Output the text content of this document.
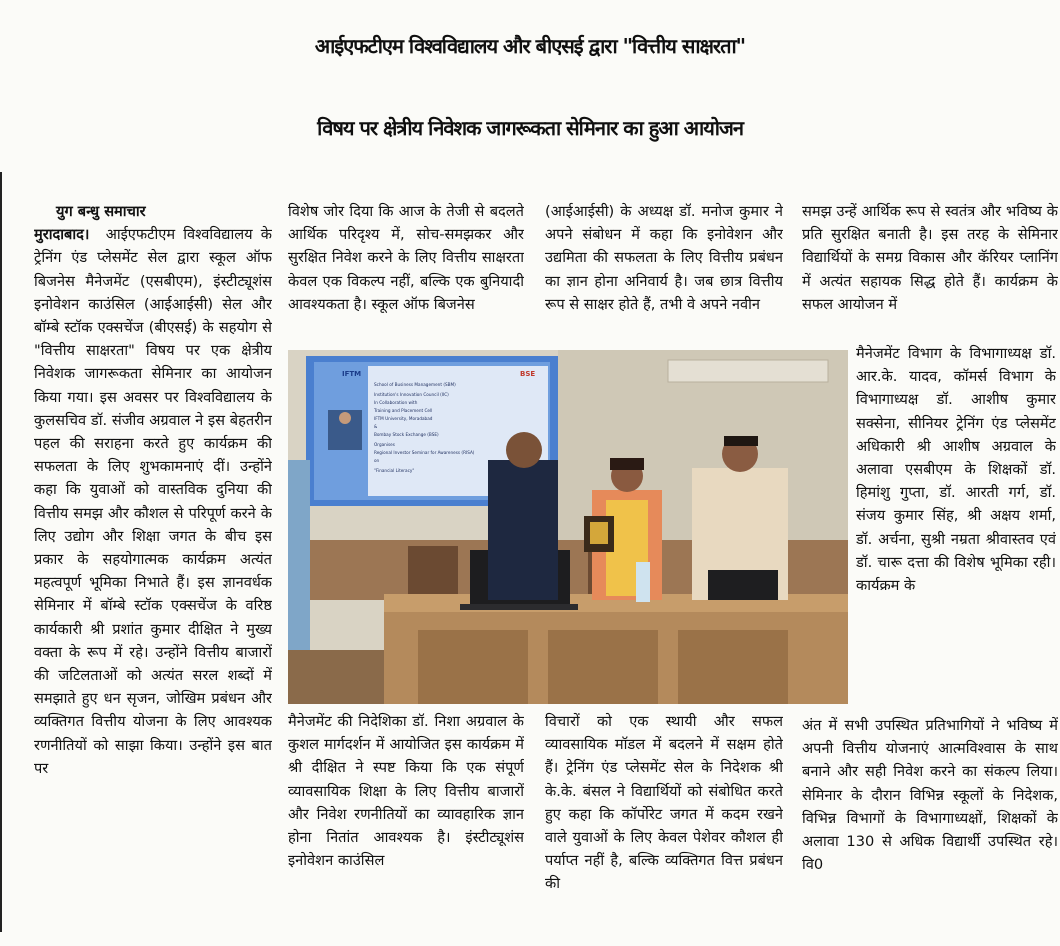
आईएफटीएम विश्वविद्यालय और बीएसई द्वारा "वित्तीय साक्षरता"
विषय पर क्षेत्रीय निवेशक जागरूकता सेमिनार का हुआ आयोजन
युग बन्धु समाचार

मुरादाबाद। आईएफटीएम विश्वविद्यालय के ट्रेनिंग एंड प्लेसमेंट सेल द्वारा स्कूल ऑफ बिजनेस मैनेजमेंट (एसबीएम), इंस्टीट्यूशंस इनोवेशन काउंसिल (आईआईसी) सेल और बॉम्बे स्टॉक एक्सचेंज (बीएसई) के सहयोग से "वित्तीय साक्षरता" विषय पर एक क्षेत्रीय निवेशक जागरूकता सेमिनार का आयोजन किया गया। इस अवसर पर विश्वविद्यालय के कुलसचिव डॉ. संजीव अग्रवाल ने इस बेहतरीन पहल की सराहना करते हुए कार्यक्रम की सफलता के लिए शुभकामनाएं दीं। उन्होंने कहा कि युवाओं को वास्तविक दुनिया की वित्तीय समझ और कौशल से परिपूर्ण करने के लिए उद्योग और शिक्षा जगत के बीच इस प्रकार के सहयोगात्मक कार्यक्रम अत्यंत महत्वपूर्ण भूमिका निभाते हैं। इस ज्ञानवर्धक सेमिनार में बॉम्बे स्टॉक एक्सचेंज के वरिष्ठ कार्यकारी श्री प्रशांत कुमार दीक्षित ने मुख्य वक्ता के रूप में रहे। उन्होंने वित्तीय बाजारों की जटिलताओं को अत्यंत सरल शब्दों में समझाते हुए धन सृजन, जोखिम प्रबंधन और व्यक्तिगत वित्तीय योजना के लिए आवश्यक रणनीतियों को साझा किया। उन्होंने इस बात पर

विशेष जोर दिया कि आज के तेजी से बदलते आर्थिक परिदृश्य में, सोच-समझकर और सुरक्षित निवेश करने के लिए वित्तीय साक्षरता केवल एक विकल्प नहीं, बल्कि एक बुनियादी आवश्यकता है। स्कूल ऑफ बिजनेस

(आईआईसी) के अध्यक्ष डॉ. मनोज कुमार ने अपने संबोधन में कहा कि इनोवेशन और उद्यमिता की सफलता के लिए वित्तीय प्रबंधन का ज्ञान होना अनिवार्य है। जब छात्र वित्तीय रूप से साक्षर होते हैं, तभी वे अपने नवीन

समझ उन्हें आर्थिक रूप से स्वतंत्र और भविष्य के प्रति सुरक्षित बनाती है। इस तरह के सेमिनार विद्यार्थियों के समग्र विकास और कॅरियर प्लानिंग में अत्यंत सहायक सिद्ध होते हैं। कार्यक्रम के सफल आयोजन में

मैनेजमेंट विभाग के विभागाध्यक्ष डॉ. आर.के. यादव, कॉमर्स विभाग के विभागाध्यक्ष डॉ. आशीष कुमार सक्सेना, सीनियर ट्रेनिंग एंड प्लेसमेंट अधिकारी श्री आशीष अग्रवाल के अलावा एसबीएम के शिक्षकों डॉ. हिमांशु गुप्ता, डॉ. आरती गर्ग, डॉ. संजय कुमार सिंह, श्री अक्षय शर्मा, डॉ. अर्चना, सुश्री नम्रता श्रीवास्तव एवं डॉ. चारू दत्ता की विशेष भूमिका रही। कार्यक्रम के

School of Business Management (SBM)
Institution's Innovation Council (IIC)
In Collaboration with
Training and Placement Cell
IFTM University, Moradabad
&
Bombay Stock Exchange (BSE)
Organises
Regional Investor Seminar for Awareness (RISA)
on
"Financial Literacy"
IFTM	BSE

मैनेजमेंट की निदेशिका डॉ. निशा अग्रवाल के कुशल मार्गदर्शन में आयोजित इस कार्यक्रम में श्री दीक्षित ने स्पष्ट किया कि एक संपूर्ण व्यावसायिक शिक्षा के लिए वित्तीय बाजारों और निवेश रणनीतियों का व्यावहारिक ज्ञान होना नितांत आवश्यक है। इंस्टीट्यूशंस इनोवेशन काउंसिल

विचारों को एक स्थायी और सफल व्यावसायिक मॉडल में बदलने में सक्षम होते हैं। ट्रेनिंग एंड प्लेसमेंट सेल के निदेशक श्री के.के. बंसल ने विद्यार्थियों को संबोधित करते हुए कहा कि कॉर्पोरेट जगत में कदम रखने वाले युवाओं के लिए केवल पेशेवर कौशल ही पर्याप्त नहीं है, बल्कि व्यक्तिगत वित्त प्रबंधन की

अंत में सभी उपस्थित प्रतिभागियों ने भविष्य में अपनी वित्तीय योजनाएं आत्मविश्वास के साथ बनाने और सही निवेश करने का संकल्प लिया। सेमिनार के दौरान विभिन्न स्कूलों के निदेशक, विभिन्न विभागों के विभागाध्यक्षों, शिक्षकों के अलावा 130 से अधिक विद्यार्थी उपस्थित रहे। वि0
